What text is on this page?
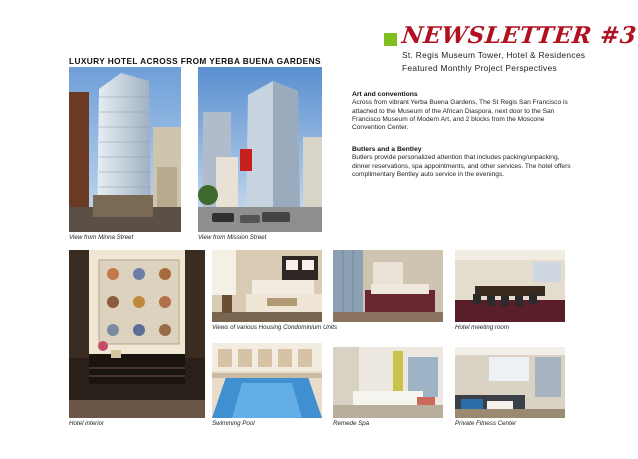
NEWSLETTER #3
St. Regis Museum Tower, Hotel & Residences
Featured Monthly Project Perspectives
LUXURY HOTEL ACROSS FROM YERBA BUENA GARDENS
View from Minna Street	View from Mission Street
Art and conventions
Across from vibrant Yerba Buena Gardens, The St Regis San Francisco is attached to the Museum of the African Diaspora, next door to the San Francisco Museum of Modern Art, and 2 blocks from the Moscone Convention Center.
Butlers and a Bentley
Butlers provide personalized attention that includes packing/unpacking, dinner reservations, spa appointments, and other services. The hotel offers complimentary Bentley auto service in the evenings.
Hotel interior
Views of various Housing Condominium Units	Hotel meeting room
Swimming Pool	Remede Spa	Private Fitness Center
